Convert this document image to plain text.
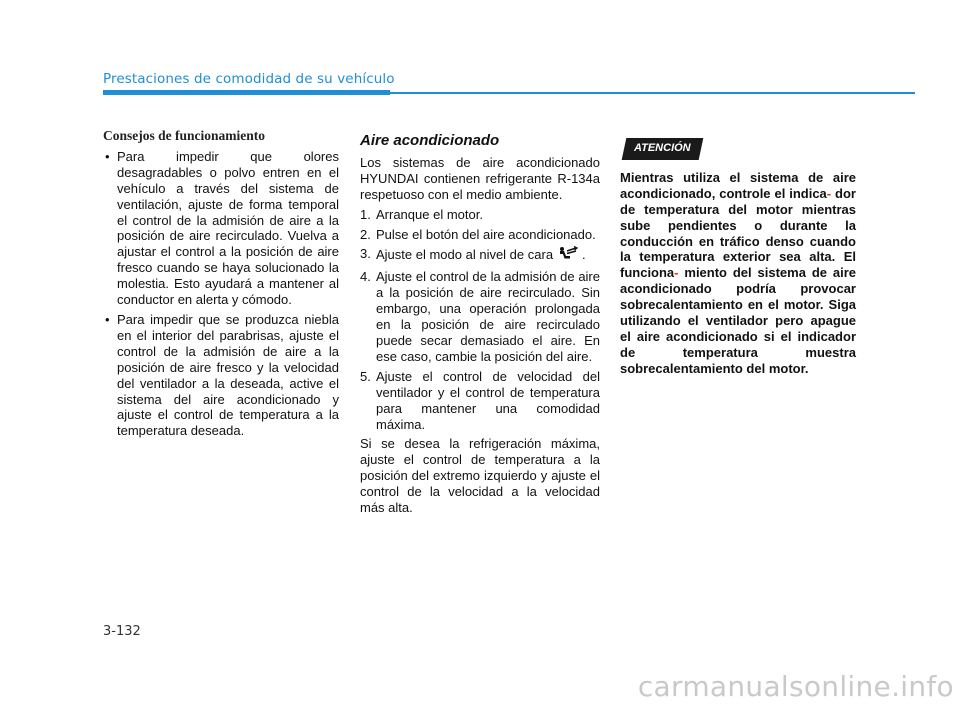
Prestaciones de comodidad de su vehículo
Consejos de funcionamiento
• Para impedir que olores desagradables o polvo entren en el vehículo a través del sistema de ventilación, ajuste de forma temporal el control de la admisión de aire a la posición de aire recirculado. Vuelva a ajustar el control a la posición de aire fresco cuando se haya solucionado la molestia. Esto ayudará a mantener al conductor en alerta y cómodo.
• Para impedir que se produzca niebla en el interior del parabrisas, ajuste el control de la admisión de aire a la posición de aire fresco y la velocidad del ventilador a la deseada, active el sistema del aire acondicionado y ajuste el control de temperatura a la temperatura deseada.
Aire acondicionado

Los sistemas de aire acondicionado HYUNDAI contienen refrigerante R-134a respetuoso con el medio ambiente.

1. Arranque el motor.
2. Pulse el botón del aire acondicionado.
3. Ajuste el modo al nivel de cara .
4. Ajuste el control de la admisión de aire a la posición de aire recirculado. Sin embargo, una operación prolongada en la posición de aire recirculado puede secar demasiado el aire. En ese caso, cambie la posición del aire.
5. Ajuste el control de velocidad del ventilador y el control de temperatura para mantener una comodidad máxima.

Si se desea la refrigeración máxima, ajuste el control de temperatura a la posición del extremo izquierdo y ajuste el control de la velocidad a la velocidad más alta.

ATENCIÓN
Mientras utiliza el sistema de aire acondicionado, controle el indica- dor de temperatura del motor mientras sube pendientes o durante la conducción en tráfico denso cuando la temperatura exterior sea alta. El funciona- miento del sistema de aire acondicionado podría provocar sobrecalentamiento en el motor. Siga utilizando el ventilador pero apague el aire acondicionado si el indicador de temperatura muestra sobrecalentamiento del motor.
3-132
carmanualsonline.info
